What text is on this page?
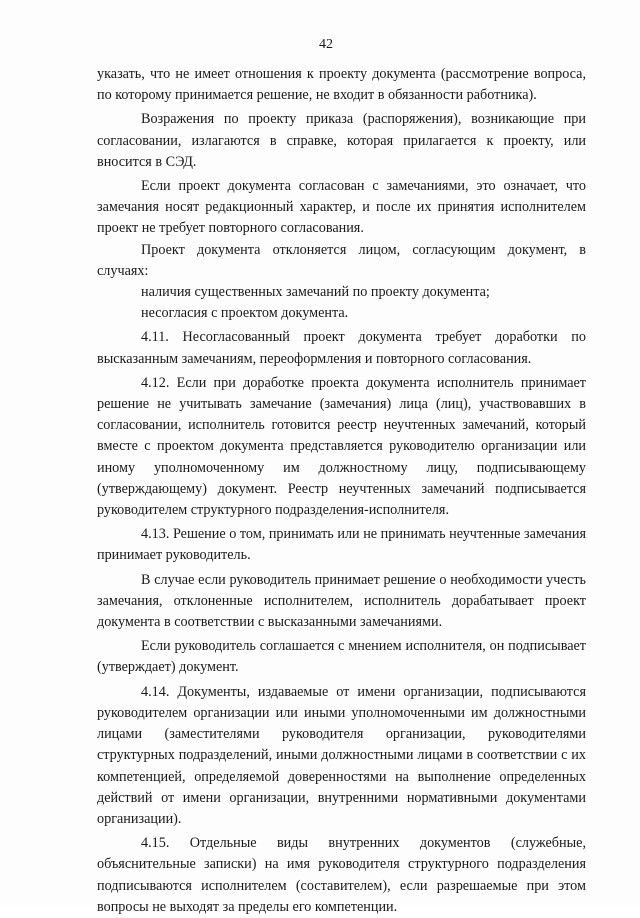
42

указать, что не имеет отношения к проекту документа (рассмотрение вопроса, по которому принимается решение, не входит в обязанности работника).

Возражения по проекту приказа (распоряжения), возникающие при согласовании, излагаются в справке, которая прилагается к проекту, или вносится в СЭД.

Если проект документа согласован с замечаниями, это означает, что замечания носят редакционный характер, и после их принятия исполнителем проект не требует повторного согласования.

Проект документа отклоняется лицом, согласующим документ, в случаях:

наличия существенных замечаний по проекту документа;

несогласия с проектом документа.

4.11. Несогласованный проект документа требует доработки по высказанным замечаниям, переоформления и повторного согласования.

4.12. Если при доработке проекта документа исполнитель принимает решение не учитывать замечание (замечания) лица (лиц), участвовавших в согласовании, исполнитель готовится реестр неучтенных замечаний, который вместе с проектом документа представляется руководителю организации или иному уполномоченному им должностному лицу, подписывающему (утверждающему) документ. Реестр неучтенных замечаний подписывается руководителем структурного подразделения-исполнителя.

4.13. Решение о том, принимать или не принимать неучтенные замечания принимает руководитель.

В случае если руководитель принимает решение о необходимости учесть замечания, отклоненные исполнителем, исполнитель дорабатывает проект документа в соответствии с высказанными замечаниями.

Если руководитель соглашается с мнением исполнителя, он подписывает (утверждает) документ.

4.14. Документы, издаваемые от имени организации, подписываются руководителем организации или иными уполномоченными им должностными лицами (заместителями руководителя организации, руководителями структурных подразделений, иными должностными лицами в соответствии с их компетенцией, определяемой доверенностями на выполнение определенных действий от имени организации, внутренними нормативными документами организации).

4.15. Отдельные виды внутренних документов (служебные, объяснительные записки) на имя руководителя структурного подразделения подписываются исполнителем (составителем), если разрешаемые при этом вопросы не выходят за пределы его компетенции.
